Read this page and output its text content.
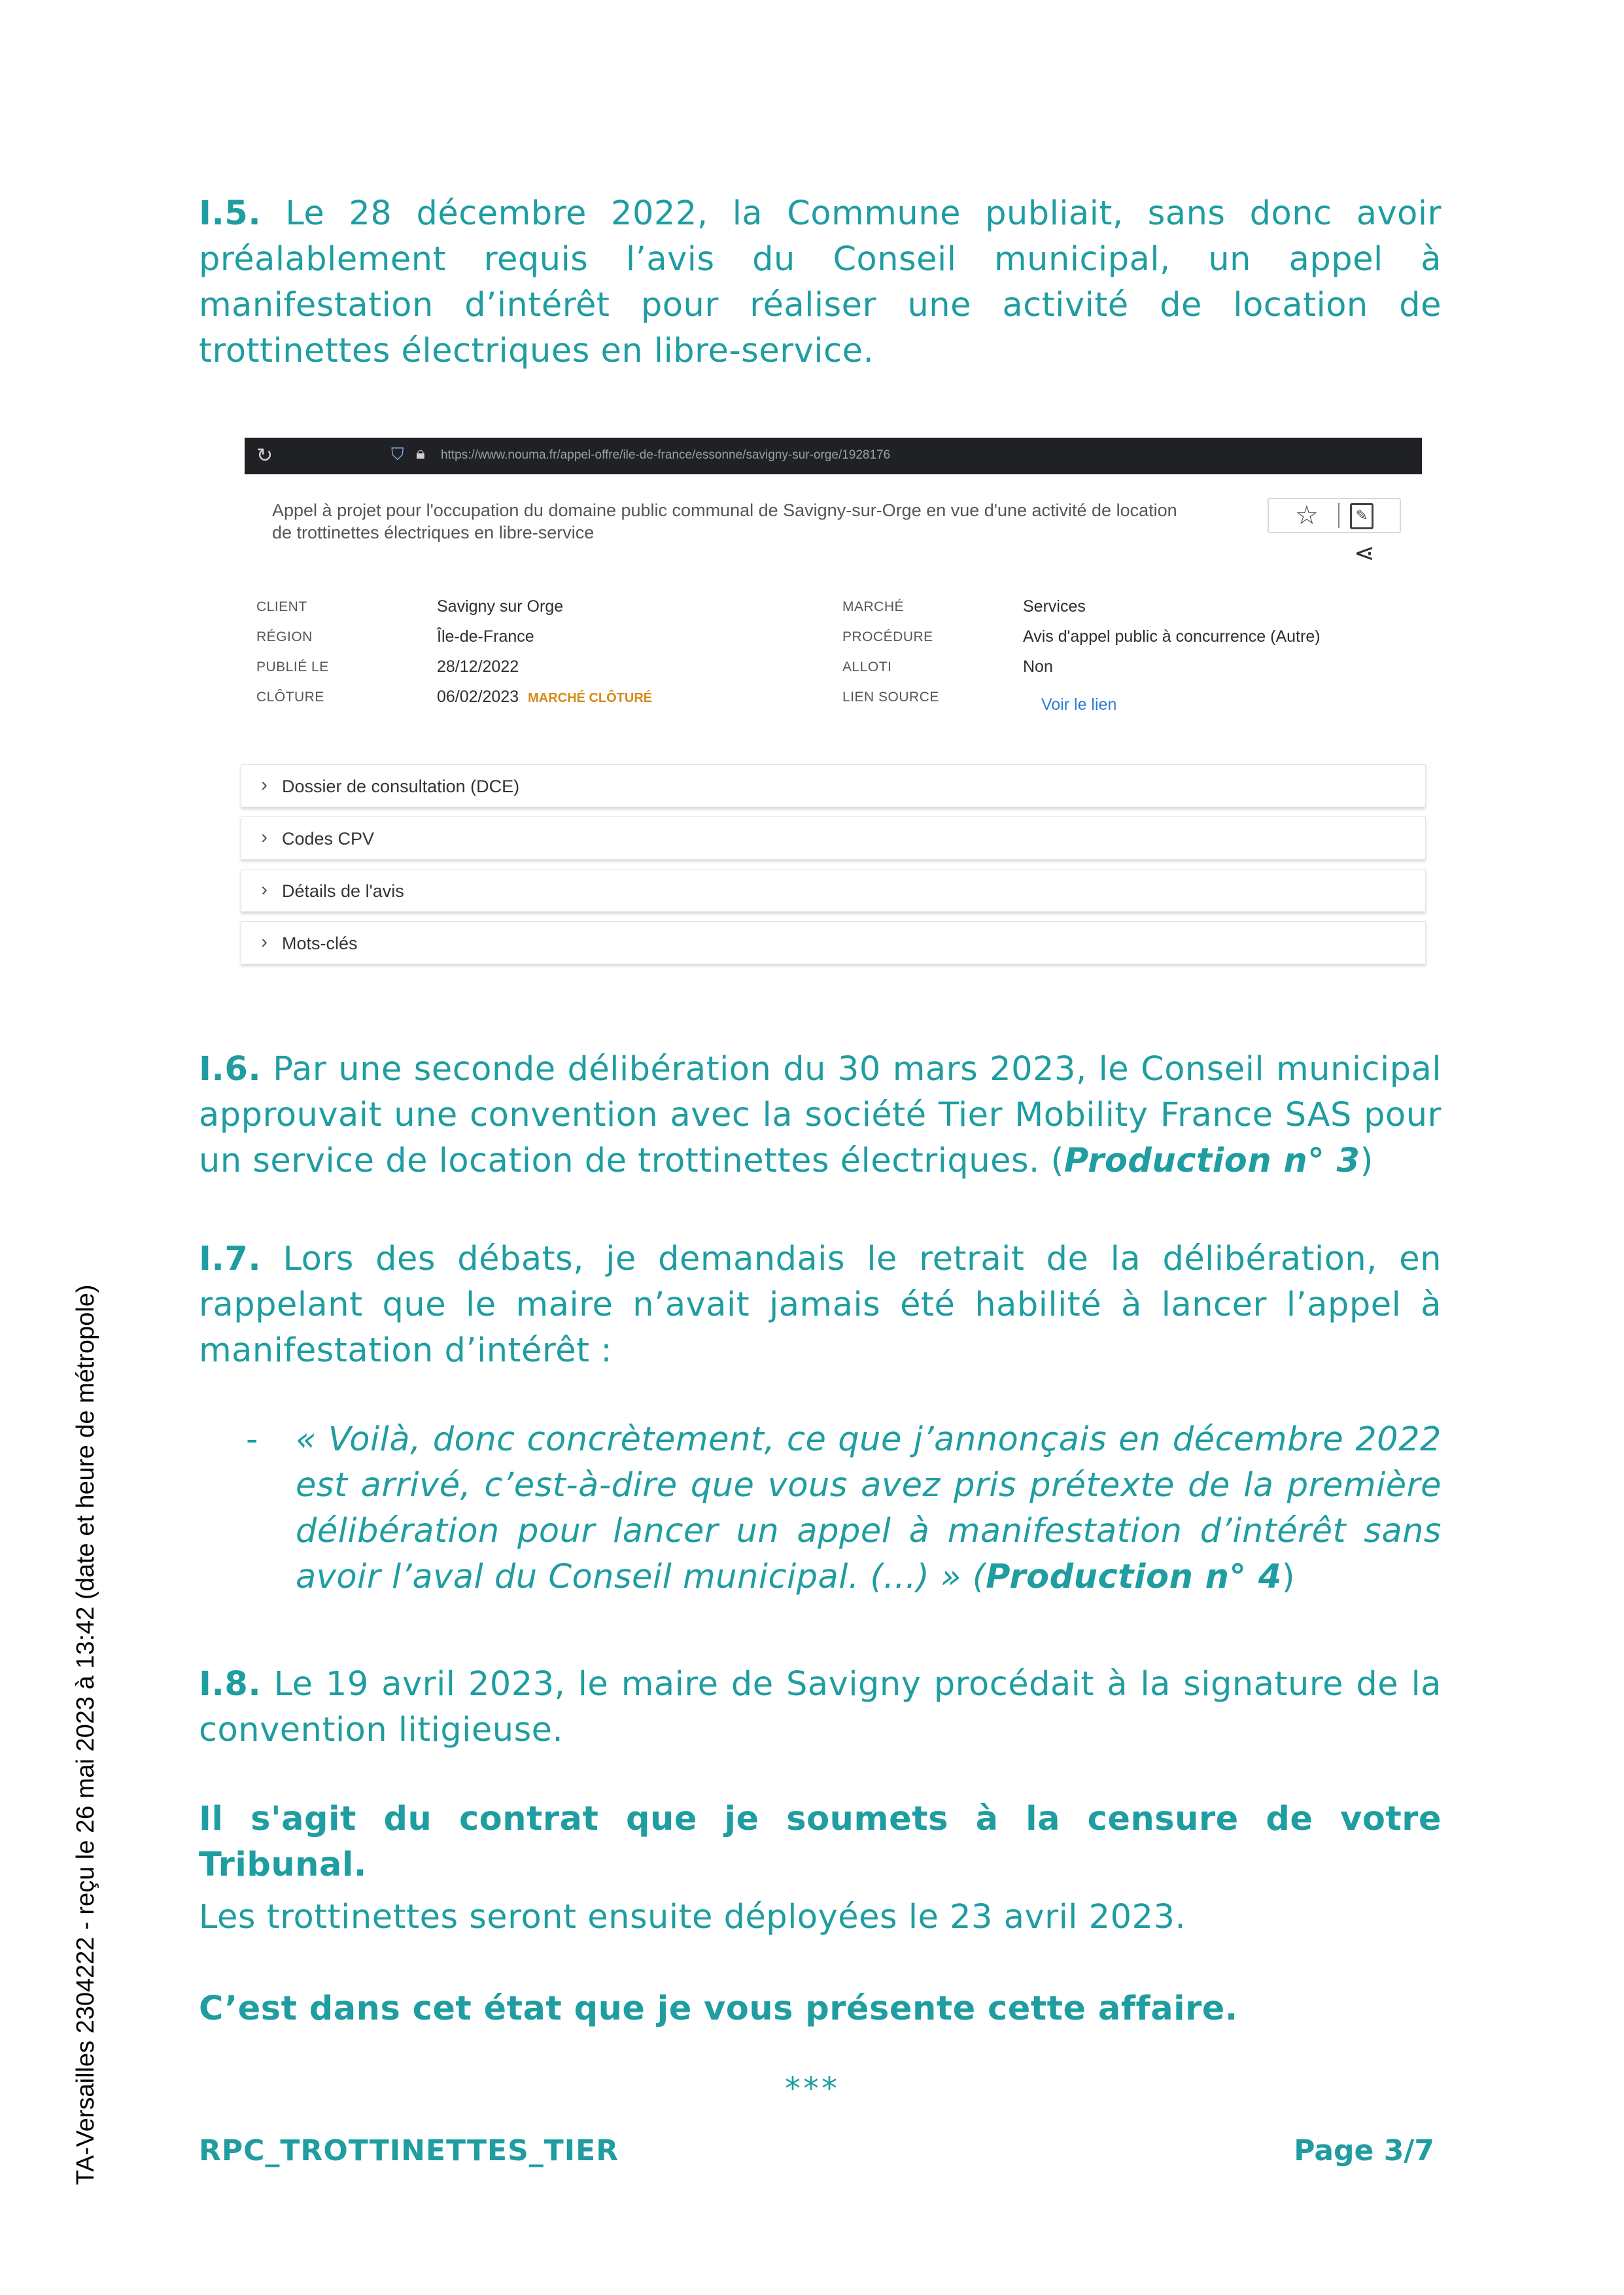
I.5. Le 28 décembre 2022, la Commune publiait, sans donc avoir préalablement requis l’avis du Conseil municipal, un appel à manifestation d’intérêt pour réaliser une activité de location de trottinettes électriques en libre-service.
↻	⛉ 🔒︎ https://www.nouma.fr/appel-offre/ile-de-france/essonne/savigny-sur-orge/1928176
Appel à projet pour l'occupation du domaine public communal de Savigny-sur-Orge en vue d'une activité de location de trottinettes électriques en libre-service
☆	✎
⋖
CLIENT	Savigny sur Orge
RÉGION	Île-de-France
PUBLIÉ LE	28/12/2022
CLÔTURE	06/02/2023 MARCHÉ CLÔTURÉ
MARCHÉ	Services
PROCÉDURE	Avis d'appel public à concurrence (Autre)
ALLOTI	Non
LIEN SOURCE	Voir le lien
› Dossier de consultation (DCE)
› Codes CPV
› Détails de l'avis
› Mots-clés
I.6. Par une seconde délibération du 30 mars 2023, le Conseil municipal approuvait une convention avec la société Tier Mobility France SAS pour un service de location de trottinettes électriques. (Production n° 3)
I.7. Lors des débats, je demandais le retrait de la délibération, en rappelant que le maire n’avait jamais été habilité à lancer l’appel à manifestation d’intérêt :
- « Voilà, donc concrètement, ce que j’annonçais en décembre 2022 est arrivé, c’est-à-dire que vous avez pris prétexte de la première délibération pour lancer un appel à manifestation d’intérêt sans avoir l’aval du Conseil municipal. (...) » (Production n° 4)
I.8. Le 19 avril 2023, le maire de Savigny procédait à la signature de la convention litigieuse.
Il s'agit du contrat que je soumets à la censure de votre Tribunal.
Les trottinettes seront ensuite déployées le 23 avril 2023.
C’est dans cet état que je vous présente cette affaire.
***
RPC_TROTTINETTES_TIER	Page 3/7
TA-Versailles 2304222 - reçu le 26 mai 2023 à 13:42 (date et heure de métropole)
